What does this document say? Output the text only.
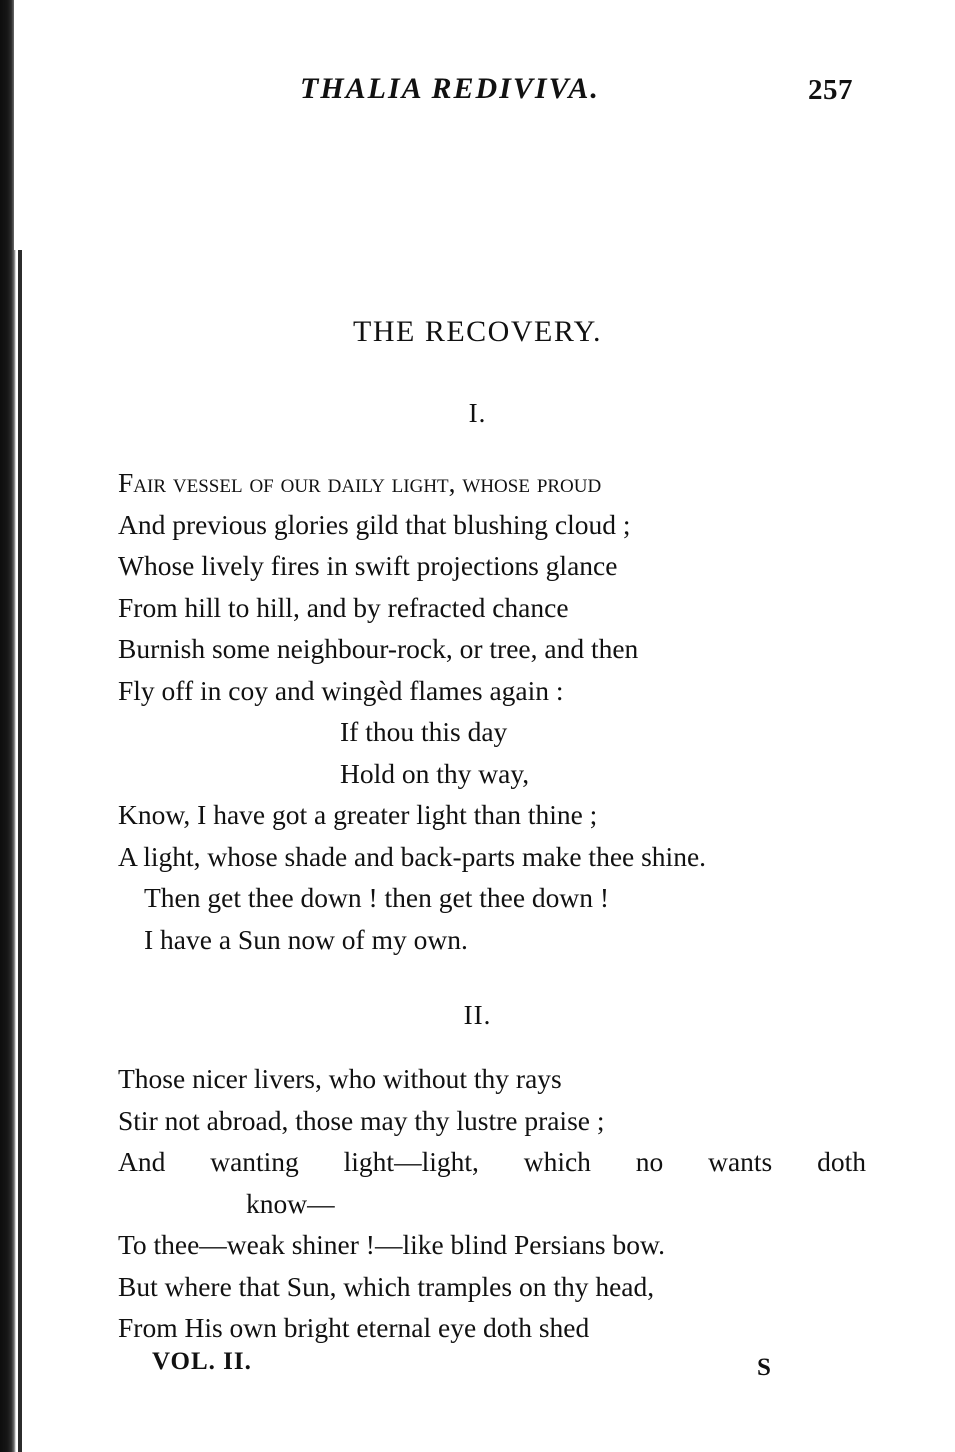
THALIA REDIVIVA.	257
THE RECOVERY.
I.
Fair vessel of our daily light, whose proud
And previous glories gild that blushing cloud ;
Whose lively fires in swift projections glance
From hill to hill, and by refracted chance
Burnish some neighbour-rock, or tree, and then
Fly off in coy and wingèd flames again :
If thou this day
Hold on thy way,
Know, I have got a greater light than thine ;
A light, whose shade and back-parts make thee shine.
Then get thee down ! then get thee down !
I have a Sun now of my own.
II.
Those nicer livers, who without thy rays
Stir not abroad, those may thy lustre praise ;
And wanting light—light, which no wants doth
know—
To thee—weak shiner !—like blind Persians bow.
But where that Sun, which tramples on thy head,
From His own bright eternal eye doth shed
VOL. II.	S
